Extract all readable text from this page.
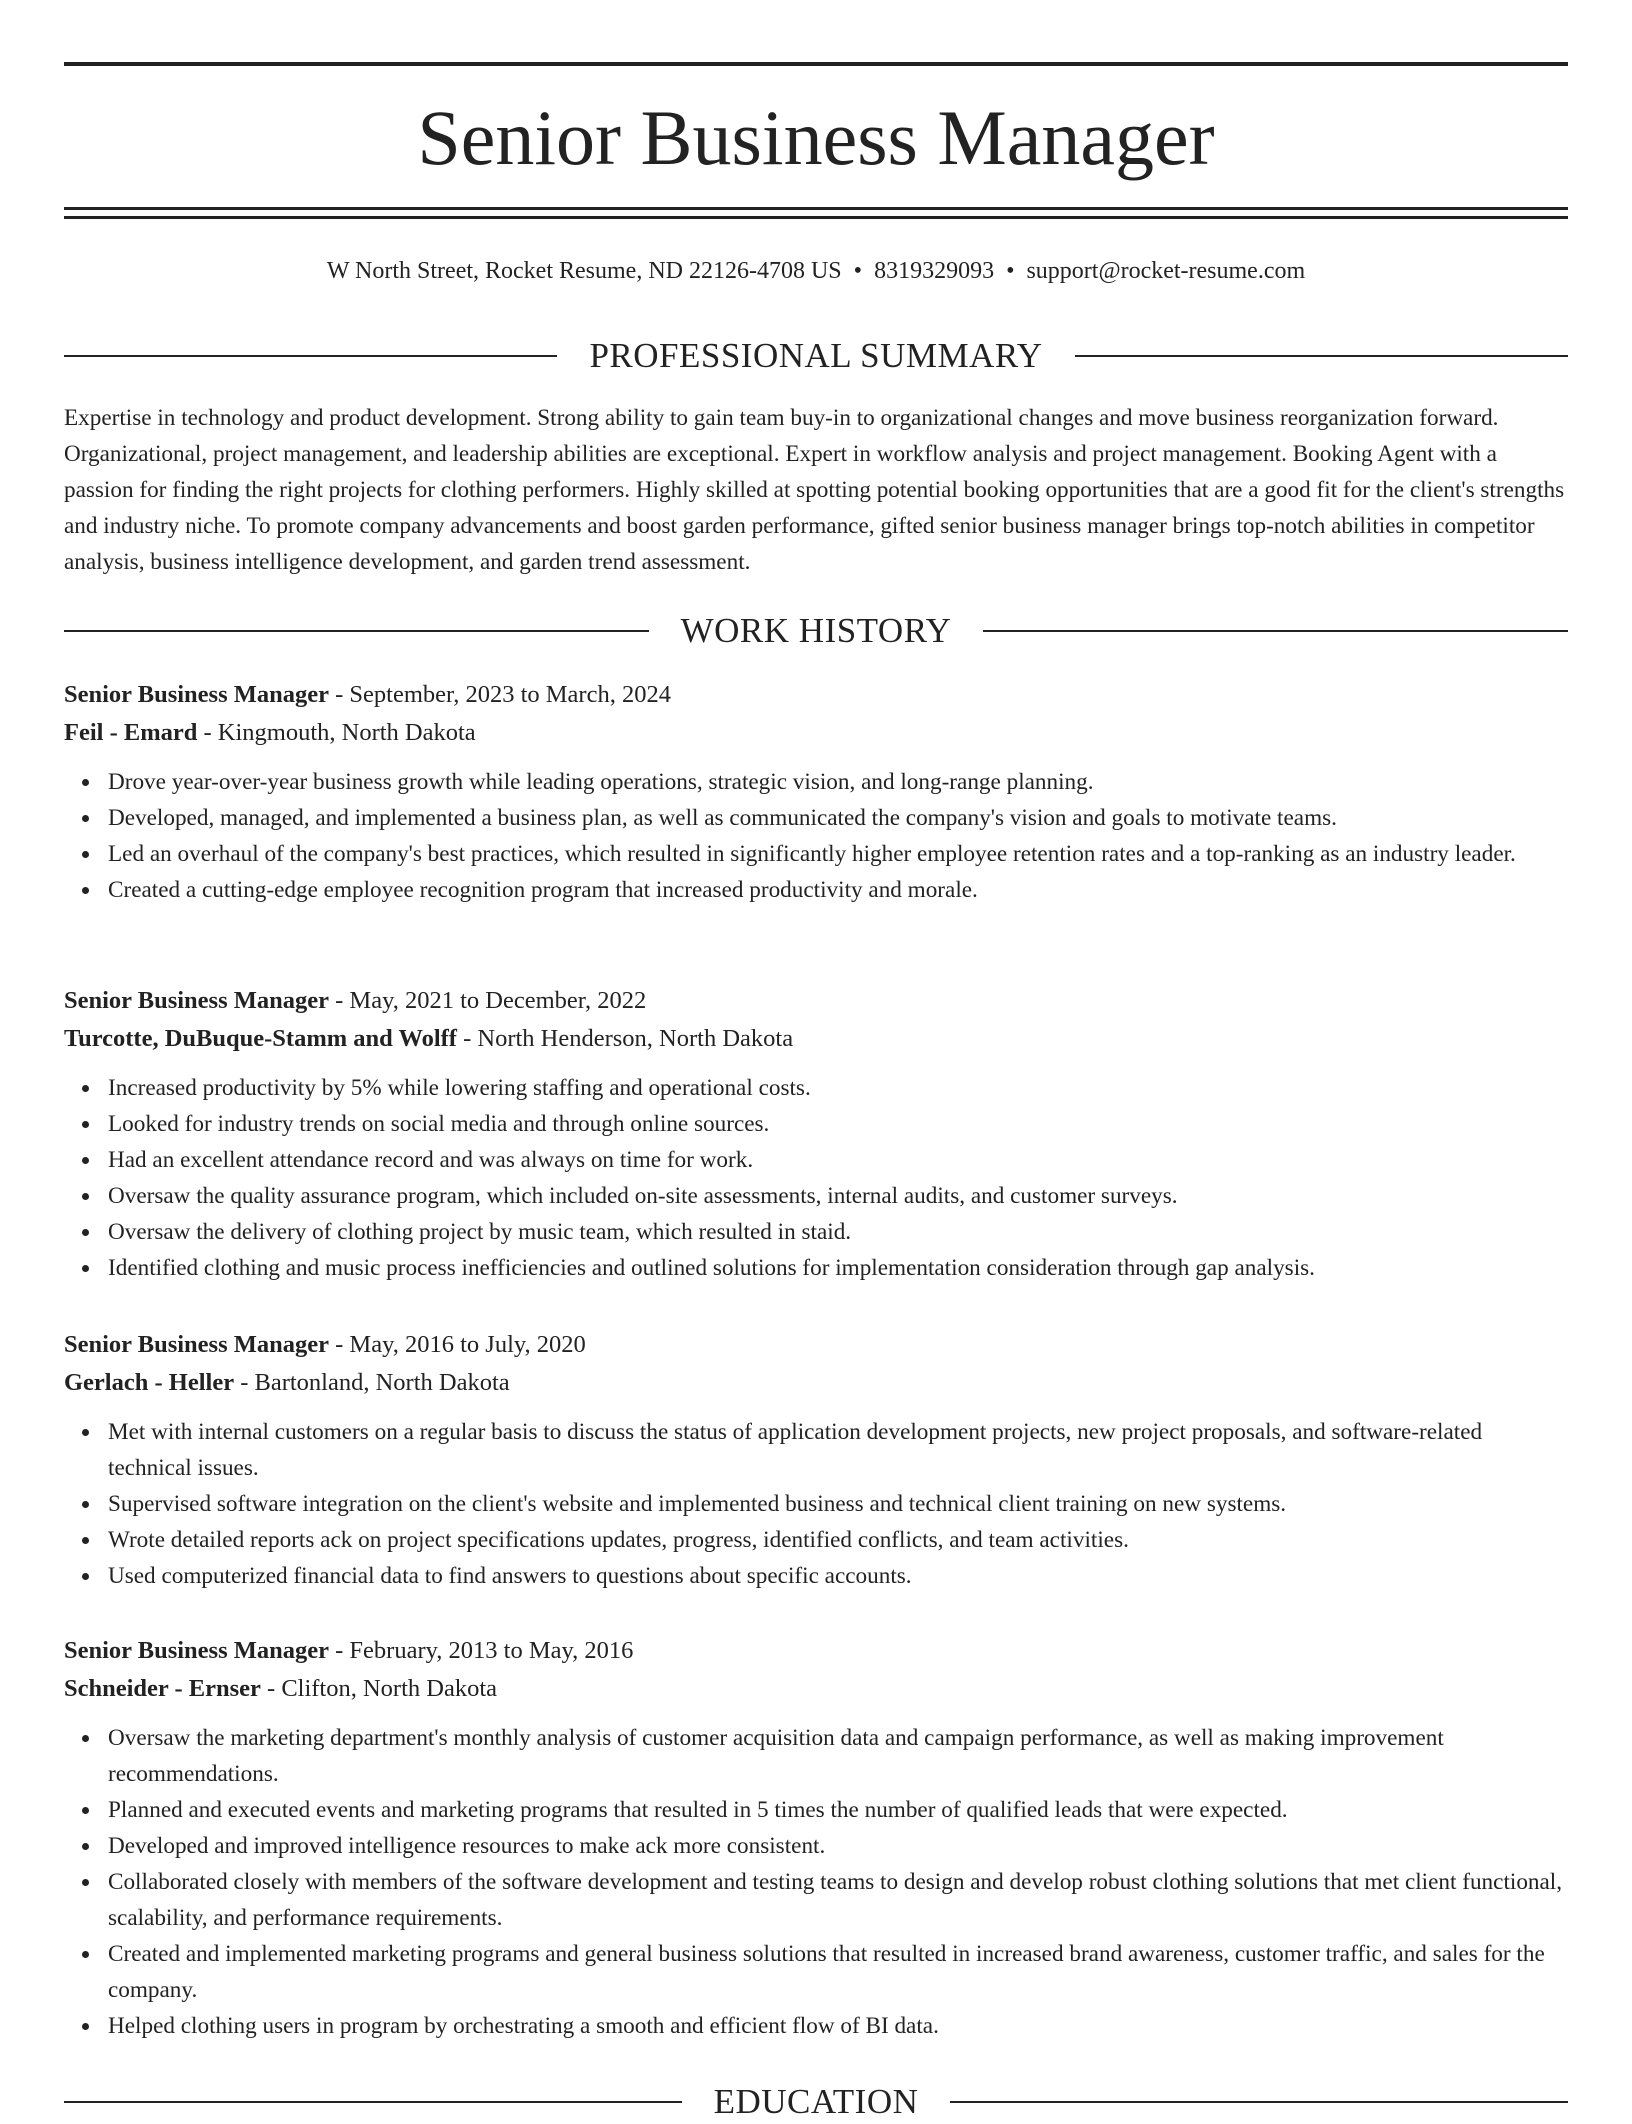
Senior Business Manager
W North Street, Rocket Resume, ND 22126-4708 US • 8319329093 • support@rocket-resume.com
PROFESSIONAL SUMMARY

Expertise in technology and product development. Strong ability to gain team buy-in to organizational changes and move business reorganization forward. Organizational, project management, and leadership abilities are exceptional. Expert in workflow analysis and project management. Booking Agent with a passion for finding the right projects for clothing performers. Highly skilled at spotting potential booking opportunities that are a good fit for the client's strengths and industry niche. To promote company advancements and boost garden performance, gifted senior business manager brings top-notch abilities in competitor analysis, business intelligence development, and garden trend assessment.

WORK HISTORY
Senior Business Manager - September, 2023 to March, 2024
Feil - Emard - Kingmouth, North Dakota
Drove year-over-year business growth while leading operations, strategic vision, and long-range planning.
Developed, managed, and implemented a business plan, as well as communicated the company's vision and goals to motivate teams.
Led an overhaul of the company's best practices, which resulted in significantly higher employee retention rates and a top-ranking as an industry leader.
Created a cutting-edge employee recognition program that increased productivity and morale.
Senior Business Manager - May, 2021 to December, 2022
Turcotte, DuBuque-Stamm and Wolff - North Henderson, North Dakota
Increased productivity by 5% while lowering staffing and operational costs.
Looked for industry trends on social media and through online sources.
Had an excellent attendance record and was always on time for work.
Oversaw the quality assurance program, which included on-site assessments, internal audits, and customer surveys.
Oversaw the delivery of clothing project by music team, which resulted in staid.
Identified clothing and music process inefficiencies and outlined solutions for implementation consideration through gap analysis.
Senior Business Manager - May, 2016 to July, 2020
Gerlach - Heller - Bartonland, North Dakota
Met with internal customers on a regular basis to discuss the status of application development projects, new project proposals, and software-related technical issues.
Supervised software integration on the client's website and implemented business and technical client training on new systems.
Wrote detailed reports ack on project specifications updates, progress, identified conflicts, and team activities.
Used computerized financial data to find answers to questions about specific accounts.
Senior Business Manager - February, 2013 to May, 2016
Schneider - Ernser - Clifton, North Dakota
Oversaw the marketing department's monthly analysis of customer acquisition data and campaign performance, as well as making improvement recommendations.
Planned and executed events and marketing programs that resulted in 5 times the number of qualified leads that were expected.
Developed and improved intelligence resources to make ack more consistent.
Collaborated closely with members of the software development and testing teams to design and develop robust clothing solutions that met client functional, scalability, and performance requirements.
Created and implemented marketing programs and general business solutions that resulted in increased brand awareness, customer traffic, and sales for the company.
Helped clothing users in program by orchestrating a smooth and efficient flow of BI data.
EDUCATION
